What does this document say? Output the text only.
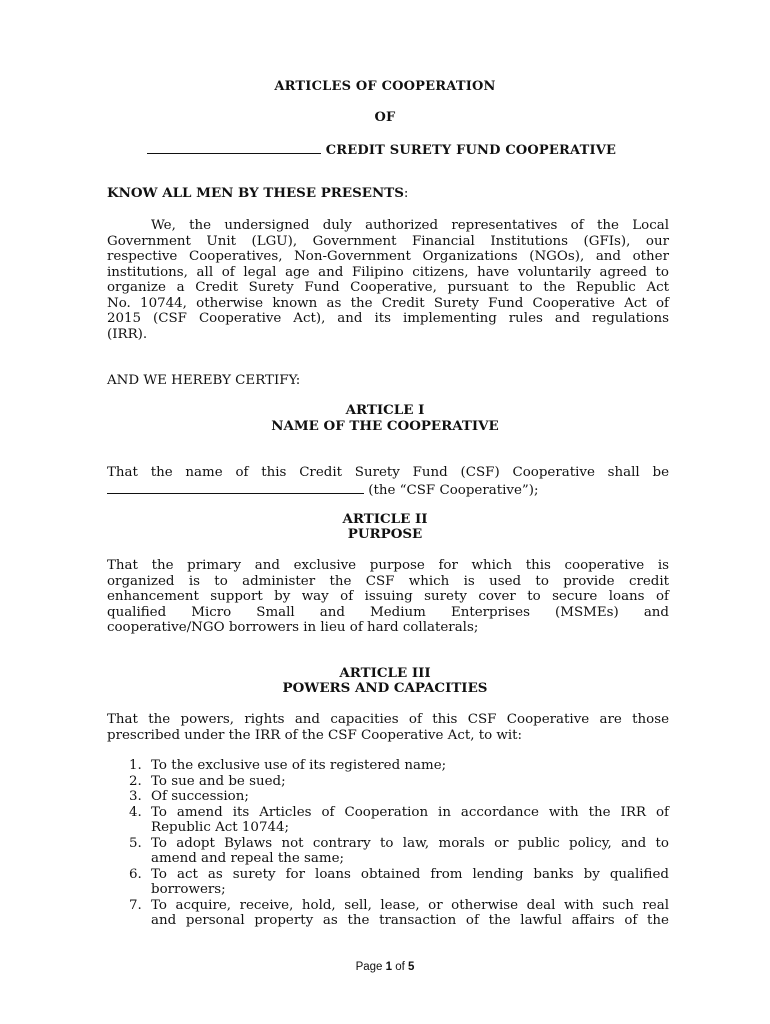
ARTICLES OF COOPERATION
OF
CREDIT SURETY FUND COOPERATIVE
KNOW ALL MEN BY THESE PRESENTS:
We, the undersigned duly authorized representatives of the Local
Government Unit (LGU), Government Financial Institutions (GFIs), our
respective Cooperatives, Non-Government Organizations (NGOs), and other
institutions, all of legal age and Filipino citizens, have voluntarily agreed to
organize a Credit Surety Fund Cooperative, pursuant to the Republic Act
No. 10744, otherwise known as the Credit Surety Fund Cooperative Act of
2015 (CSF Cooperative Act), and its implementing rules and regulations
(IRR).
AND WE HEREBY CERTIFY:
ARTICLE I
NAME OF THE COOPERATIVE
That the name of this Credit Surety Fund (CSF) Cooperative shall be
(the “CSF Cooperative”);
ARTICLE II
PURPOSE
That the primary and exclusive purpose for which this cooperative is
organized is to administer the CSF which is used to provide credit
enhancement support by way of issuing surety cover to secure loans of
qualified Micro Small and Medium Enterprises (MSMEs) and
cooperative/NGO borrowers in lieu of hard collaterals;
ARTICLE III
POWERS AND CAPACITIES
That the powers, rights and capacities of this CSF Cooperative are those
prescribed under the IRR of the CSF Cooperative Act, to wit:
1. To the exclusive use of its registered name;
2. To sue and be sued;
3. Of succession;
4. To amend its Articles of Cooperation in accordance with the IRR of
Republic Act 10744;
5. To adopt Bylaws not contrary to law, morals or public policy, and to
amend and repeal the same;
6. To act as surety for loans obtained from lending banks by qualified
borrowers;
7. To acquire, receive, hold, sell, lease, or otherwise deal with such real
and personal property as the transaction of the lawful affairs of the
Page 1 of 5
